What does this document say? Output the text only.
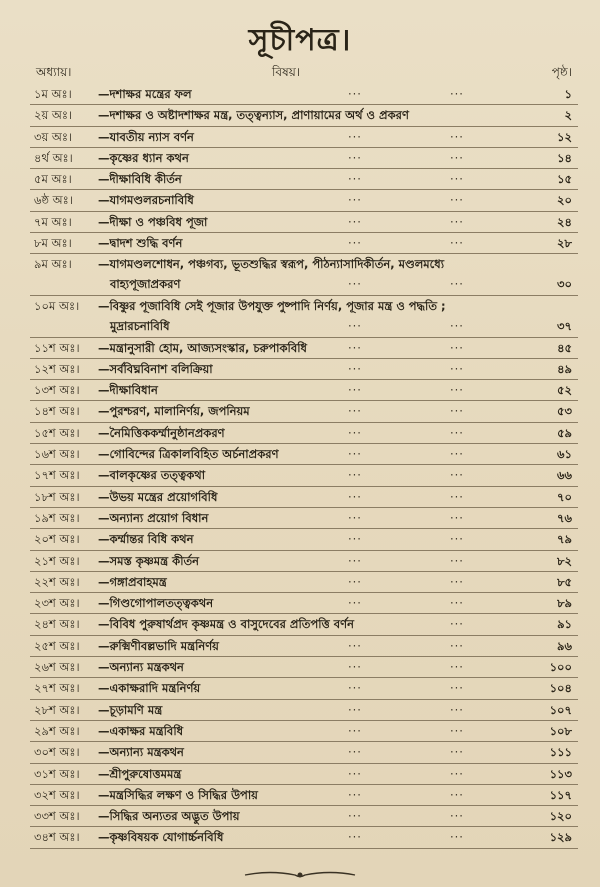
সূচীপত্র।
অধ্যায়।	বিষয়।	পৃষ্ঠ।
১ম অঃ। —দশাক্ষর মন্ত্রের ফল	···	···	১
২য় অঃ। —দশাক্ষর ও অষ্টাদশাক্ষর মন্ত্র, তত্ত্বন্যাস, প্রাণায়ামের অর্থ ও প্রকরণ	২
৩য় অঃ। —যাবতীয় ন্যাস বর্ণন	···	···	১২
৪র্থ অঃ। —কৃষ্ণের ধ্যান কথন	···	···	১৪
৫ম অঃ। —দীক্ষাবিধি কীর্তন	···	···	১৫
৬ষ্ঠ অঃ। —যাগমণ্ডলরচনাবিধি	···	···	২০
৭ম অঃ। —দীক্ষা ও পঞ্চবিধ পূজা	···	···	২৪
৮ম অঃ। —দ্বাদশ শুদ্ধি বর্ণন	···	···	২৮
৯ম অঃ। —যাগমণ্ডলশোধন, পঞ্চগব্য, ভূতশুদ্ধির স্বরূপ, পীঠন্যাসাদিকীর্তন, মণ্ডলমধ্যে
বাহ্যপূজাপ্রকরণ	···	···	৩০
১০ম অঃ। —বিষ্ণুর পূজাবিধি সেই পূজার উপযুক্ত পুষ্পাদি নির্ণয়, পূজার মন্ত্র ও পদ্ধতি ;
মুদ্রারচনাবিধি	···	···	৩৭
১১শ অঃ। —মন্ত্রানুসারী হোম, আজ্যসংস্কার, চরুপাকবিধি	···	···	৪৫
১২শ অঃ। —সর্ববিঘ্নবিনাশ বলিক্রিয়া	···	···	৪৯
১৩শ অঃ। —দীক্ষাবিধান	···	···	৫২
১৪শ অঃ। —পুরশ্চরণ, মালানির্ণয়, জপনিয়ম	···	···	৫৩
১৫শ অঃ। —নৈমিত্তিককর্ম্মানুষ্ঠানপ্রকরণ	···	···	৫৯
১৬শ অঃ। —গোবিন্দের ত্রিকালবিহিত অর্চনাপ্রকরণ	···	···	৬১
১৭শ অঃ। —বালকৃষ্ণের তত্ত্বকথা	···	···	৬৬
১৮শ অঃ। —উভয় মন্ত্রের প্রয়োগবিধি	···	···	৭০
১৯শ অঃ। —অন্যান্য প্রয়োগ বিধান	···	···	৭৬
২০শ অঃ। —কর্ম্মান্তর বিধি কথন	···	···	৭৯
২১শ অঃ। —সমস্ত কৃষ্ণমন্ত্র কীর্তন	···	···	৮২
২২শ অঃ। —গঙ্গাপ্রবাহমন্ত্র	···	···	৮৫
২৩শ অঃ। —গিণ্ডগোপালতত্ত্বকথন	···	···	৮৯
২৪শ অঃ। —বিবিধ পুরুষার্থপ্রদ কৃষ্ণমন্ত্র ও বাসুদেবের প্রতিপত্তি বর্ণন	···	৯১
২৫শ অঃ। —রুক্মিণীবল্লভাদি মন্ত্রনির্ণয়	···	···	৯৬
২৬শ অঃ। —অন্যান্য মন্ত্রকথন	···	···	১০০
২৭শ অঃ। —একাক্ষরাদি মন্ত্রনির্ণয়	···	···	১০৪
২৮শ অঃ। —চূড়ামণি মন্ত্র	···	···	১০৭
২৯শ অঃ। —একাক্ষর মন্ত্রবিধি	···	···	১০৮
৩০শ অঃ। —অন্যান্য মন্ত্রকথন	···	···	১১১
৩১শ অঃ। —শ্রীপুরুষোত্তমমন্ত্র	···	···	১১৩
৩২শ অঃ। —মন্ত্রসিদ্ধির লক্ষণ ও সিদ্ধির উপায়	···	···	১১৭
৩৩শ অঃ। —সিদ্ধির অন্যতর অদ্ভুত উপায়	···	···	১২০
৩৪শ অঃ। —কৃষ্ণবিষয়ক যোগার্চ্চনবিধি	···	···	১২৯
